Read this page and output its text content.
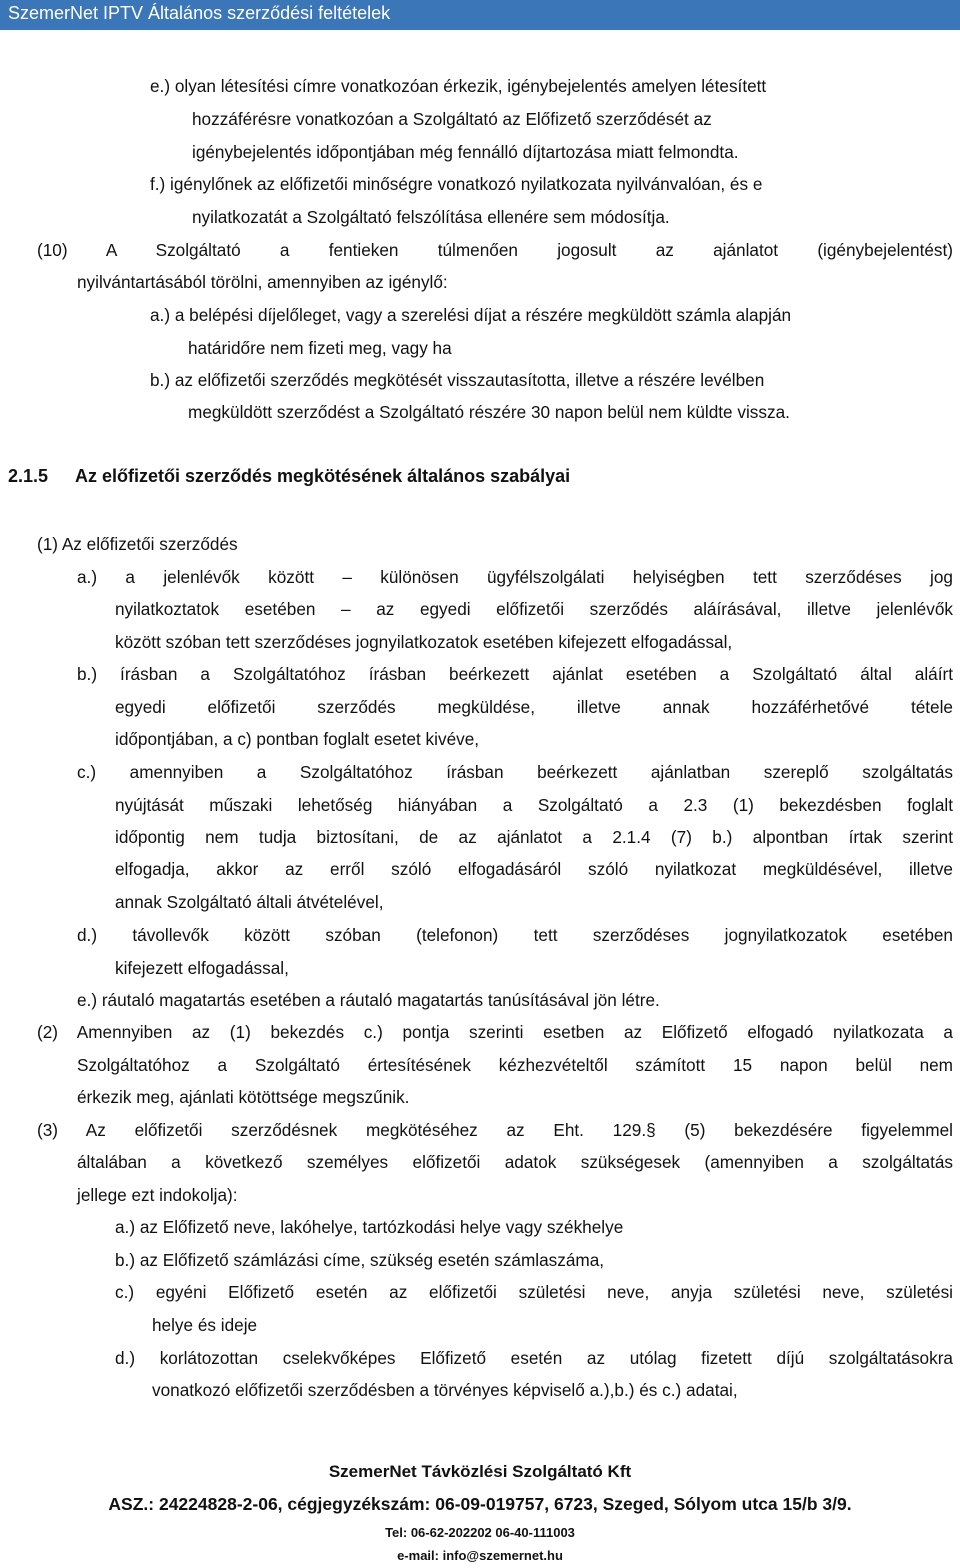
SzemerNet IPTV Általános szerződési feltételek
e.) olyan létesítési címre vonatkozóan érkezik, igénybejelentés amelyen létesített
hozzáférésre vonatkozóan a Szolgáltató az Előfizető szerződését az
igénybejelentés időpontjában még fennálló díjtartozása miatt felmondta.
f.) igénylőnek az előfizetői minőségre vonatkozó nyilatkozata nyilvánvalóan, és e
nyilatkozatát a Szolgáltató felszólítása ellenére sem módosítja.
(10) A Szolgáltató a fentieken túlmenően jogosult az ajánlatot (igénybejelentést)
nyilvántartásából törölni, amennyiben az igénylő:
a.) a belépési díjelőleget, vagy a szerelési díjat a részére megküldött számla alapján
határidőre nem fizeti meg, vagy ha
b.) az előfizetői szerződés megkötését visszautasította, illetve a részére levélben
megküldött szerződést a Szolgáltató részére 30 napon belül nem küldte vissza.
2.1.5 Az előfizetői szerződés megkötésének általános szabályai
(1) Az előfizetői szerződés
a.) a jelenlévők között – különösen ügyfélszolgálati helyiségben tett szerződéses jog
nyilatkoztatok esetében – az egyedi előfizetői szerződés aláírásával, illetve jelenlévők
között szóban tett szerződéses jognyilatkozatok esetében kifejezett elfogadással,
b.) írásban a Szolgáltatóhoz írásban beérkezett ajánlat esetében a Szolgáltató által aláírt
egyedi előfizetői szerződés megküldése, illetve annak hozzáférhetővé tétele
időpontjában, a c) pontban foglalt esetet kivéve,
c.) amennyiben a Szolgáltatóhoz írásban beérkezett ajánlatban szereplő szolgáltatás
nyújtását műszaki lehetőség hiányában a Szolgáltató a 2.3 (1) bekezdésben foglalt
időpontig nem tudja biztosítani, de az ajánlatot a 2.1.4 (7) b.) alpontban írtak szerint
elfogadja, akkor az erről szóló elfogadásáról szóló nyilatkozat megküldésével, illetve
annak Szolgáltató általi átvételével,
d.) távollevők között szóban (telefonon) tett szerződéses jognyilatkozatok esetében
kifejezett elfogadással,
e.) ráutaló magatartás esetében a ráutaló magatartás tanúsításával jön létre.
(2) Amennyiben az (1) bekezdés c.) pontja szerinti esetben az Előfizető elfogadó nyilatkozata a
Szolgáltatóhoz a Szolgáltató értesítésének kézhezvételtől számított 15 napon belül nem
érkezik meg, ajánlati kötöttsége megszűnik.
(3) Az előfizetői szerződésnek megkötéséhez az Eht. 129.§ (5) bekezdésére figyelemmel
általában a következő személyes előfizetői adatok szükségesek (amennyiben a szolgáltatás
jellege ezt indokolja):
a.) az Előfizető neve, lakóhelye, tartózkodási helye vagy székhelye
b.) az Előfizető számlázási címe, szükség esetén számlaszáma,
c.) egyéni Előfizető esetén az előfizetői születési neve, anyja születési neve, születési
helye és ideje
d.) korlátozottan cselekvőképes Előfizető esetén az utólag fizetett díjú szolgáltatásokra
vonatkozó előfizetői szerződésben a törvényes képviselő a.),b.) és c.) adatai,
SzemerNet Távközlési Szolgáltató Kft
ASZ.: 24224828-2-06, cégjegyzékszám: 06-09-019757, 6723, Szeged, Sólyom utca 15/b 3/9.
Tel: 06-62-202202 06-40-111003
e-mail: info@szemernet.hu
